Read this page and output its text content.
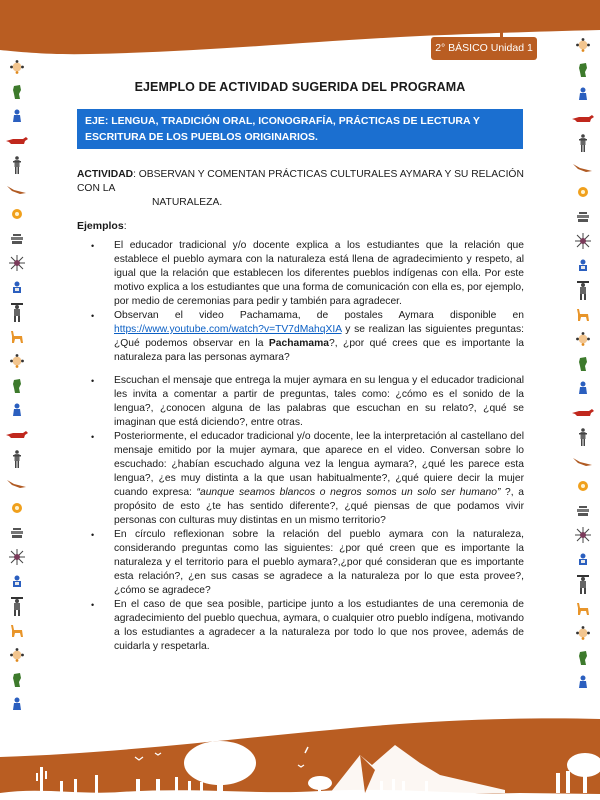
2° BÁSICO Unidad 1
EJEMPLO DE ACTIVIDAD SUGERIDA DEL PROGRAMA
EJE: LENGUA, TRADICIÓN ORAL, ICONOGRAFÍA, PRÁCTICAS DE LECTURA Y ESCRITURA DE LOS PUEBLOS ORIGINARIOS.
ACTIVIDAD: OBSERVAN Y COMENTAN PRÁCTICAS CULTURALES AYMARA Y SU RELACIÓN CON LA
NATURALEZA.
Ejemplos:
• El educador tradicional y/o docente explica a los estudiantes que la relación que establece el pueblo aymara con la naturaleza está llena de agradecimiento y respeto, al igual que la relación que establecen los diferentes pueblos indígenas con ella. Por este motivo explica a los estudiantes que una forma de comunicación con ella es, por ejemplo, por medio de ceremonias para pedir y también para agradecer.
• Observan el video Pachamama, de postales Aymara disponible en https://www.youtube.com/watch?v=TV7dMahqXIA y se realizan las siguientes preguntas: ¿Qué podemos observar en la Pachamama?, ¿por qué crees que es importante la naturaleza para las personas aymara?
• Escuchan el mensaje que entrega la mujer aymara en su lengua y el educador tradicional les invita a comentar a partir de preguntas, tales como: ¿cómo es el sonido de la lengua?, ¿conocen alguna de las palabras que escuchan en su relato?, ¿qué se imaginan que está diciendo?, entre otras.
• Posteriormente, el educador tradicional y/o docente, lee la interpretación al castellano del mensaje emitido por la mujer aymara, que aparece en el video. Conversan sobre lo escuchado: ¿habían escuchado alguna vez la lengua aymara?, ¿qué les parece esta lengua?, ¿es muy distinta a la que usan habitualmente?, ¿qué quiere decir la mujer cuando expresa: “aunque seamos blancos o negros somos un solo ser humano” ?, a propósito de esto ¿te has sentido diferente?, ¿qué piensas de que podamos vivir personas con culturas muy distintas en un mismo territorio?
• En círculo reflexionan sobre la relación del pueblo aymara con la naturaleza, considerando preguntas como las siguientes: ¿por qué creen que es importante la naturaleza y el territorio para el pueblo aymara?,¿por qué consideran que es importante esta relación?, ¿en sus casas se agradece a la naturaleza por lo que esta provee?, ¿cómo se agradece?
• En el caso de que sea posible, participe junto a los estudiantes de una ceremonia de agradecimiento del pueblo quechua, aymara, o cualquier otro pueblo indígena, motivando a los estudiantes a agradecer a la naturaleza por todo lo que nos provee, además de cuidarla y respetarla.
